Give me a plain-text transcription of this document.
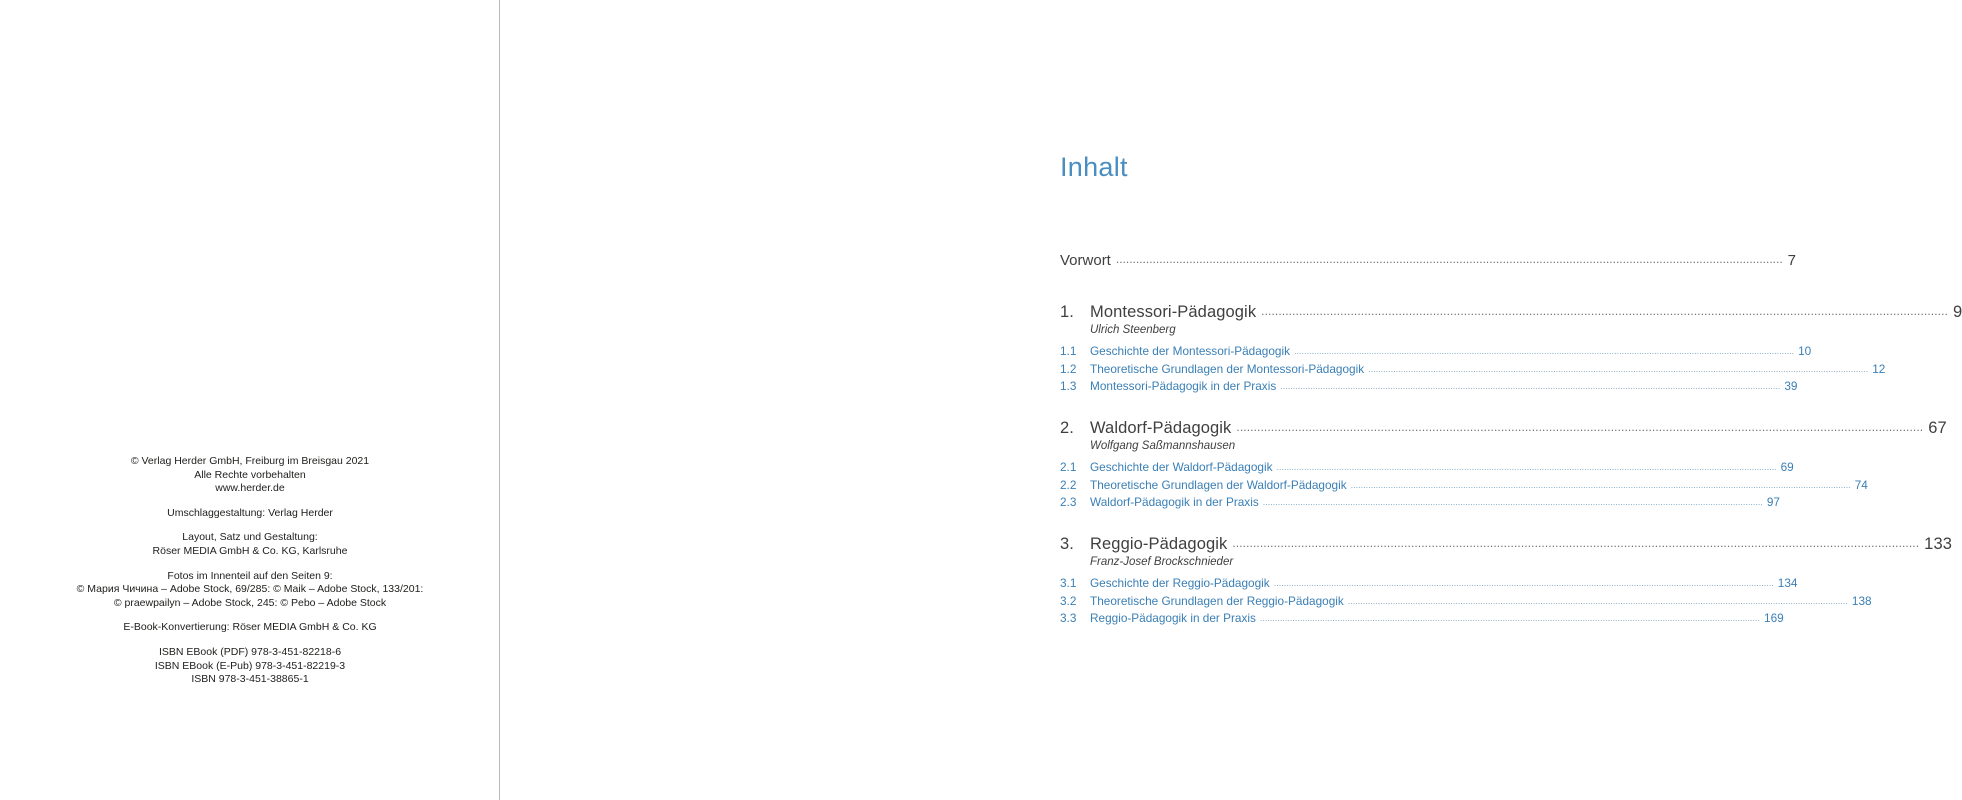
© Verlag Herder GmbH, Freiburg im Breisgau 2021
Alle Rechte vorbehalten
www.herder.de
Umschlaggestaltung: Verlag Herder
Layout, Satz und Gestaltung:
Röser MEDIA GmbH & Co. KG, Karlsruhe
Fotos im Innenteil auf den Seiten 9:
© Мария Чичина – Adobe Stock, 69/285: © Maik – Adobe Stock, 133/201:
© praewpailyn – Adobe Stock, 245: © Pebo – Adobe Stock
E-Book-Konvertierung: Röser MEDIA GmbH & Co. KG
ISBN EBook (PDF) 978-3-451-82218-6
ISBN EBook (E-Pub) 978-3-451-82219-3
ISBN 978-3-451-38865-1
Inhalt
Vorwort ........................................................................................................................................................................................................ 7
1. Montessori-Pädagogik ........................................................................................................................................................................................................ 9
Ulrich Steenberg
1.1	Geschichte der Montessori-Pädagogik ........................................................................................................................................................................................................ 10
1.2	Theoretische Grundlagen der Montessori-Pädagogik ........................................................................................................................................................................................................ 12
1.3	Montessori-Pädagogik in der Praxis ........................................................................................................................................................................................................ 39
2. Waldorf-Pädagogik ........................................................................................................................................................................................................ 67
Wolfgang Saßmannshausen
2.1	Geschichte der Waldorf-Pädagogik ........................................................................................................................................................................................................ 69
2.2	Theoretische Grundlagen der Waldorf-Pädagogik ........................................................................................................................................................................................................ 74
2.3	Waldorf-Pädagogik in der Praxis ........................................................................................................................................................................................................ 97
3. Reggio-Pädagogik ........................................................................................................................................................................................................ 133
Franz-Josef Brockschnieder
3.1	Geschichte der Reggio-Pädagogik ........................................................................................................................................................................................................ 134
3.2	Theoretische Grundlagen der Reggio-Pädagogik ........................................................................................................................................................................................................ 138
3.3	Reggio-Pädagogik in der Praxis ........................................................................................................................................................................................................ 169
